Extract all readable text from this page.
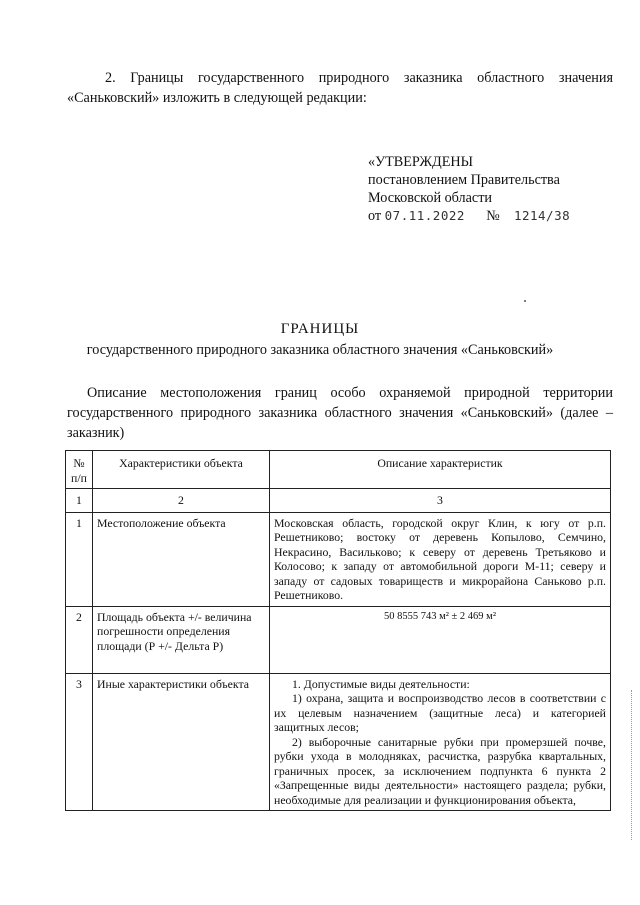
2. Границы государственного природного заказника областного значения «Саньковский» изложить в следующей редакции:

«УТВЕРЖДЕНЫ
постановлением Правительства
Московской области
от 07.11.2022 № 1214/38

ГРАНИЦЫ

государственного природного заказника областного значения «Саньковский»

Описание местоположения границ особо охраняемой природной территории государственного природного заказника областного значения «Саньковский» (далее – заказник)

№ п/п	Характеристики объекта	Описание характеристик
1	2	3
1	Местоположение объекта	Московская область, городской округ Клин, к югу от р.п. Решетниково; востоку от деревень Копылово, Семчино, Некрасино, Василькοво; к северу от деревень Третьяково и Колосово; к западу от автомобильной дороги М-11; северу и западу от садовых товариществ и микрорайона Саньково р.п. Решетниково.
2	Площадь объекта +/- величина погрешности определения площади (Р +/- Дельта Р)	50 8555 743 м² ± 2 469 м²
3	Иные характеристики объекта	1. Допустимые виды деятельности:
1) охрана, защита и воспроизводство лесов в соответствии с их целевым назначением (защитные леса) и категорией защитных лесов;
2) выборочные санитарные рубки при промерзшей почве, рубки ухода в молодняках, расчистка, разрубка квартальных, граничных просек, за исключением подпункта 6 пункта 2 «Запрещенные виды деятельности» настоящего раздела; рубки, необходимые для реализации и функционирования объекта,
